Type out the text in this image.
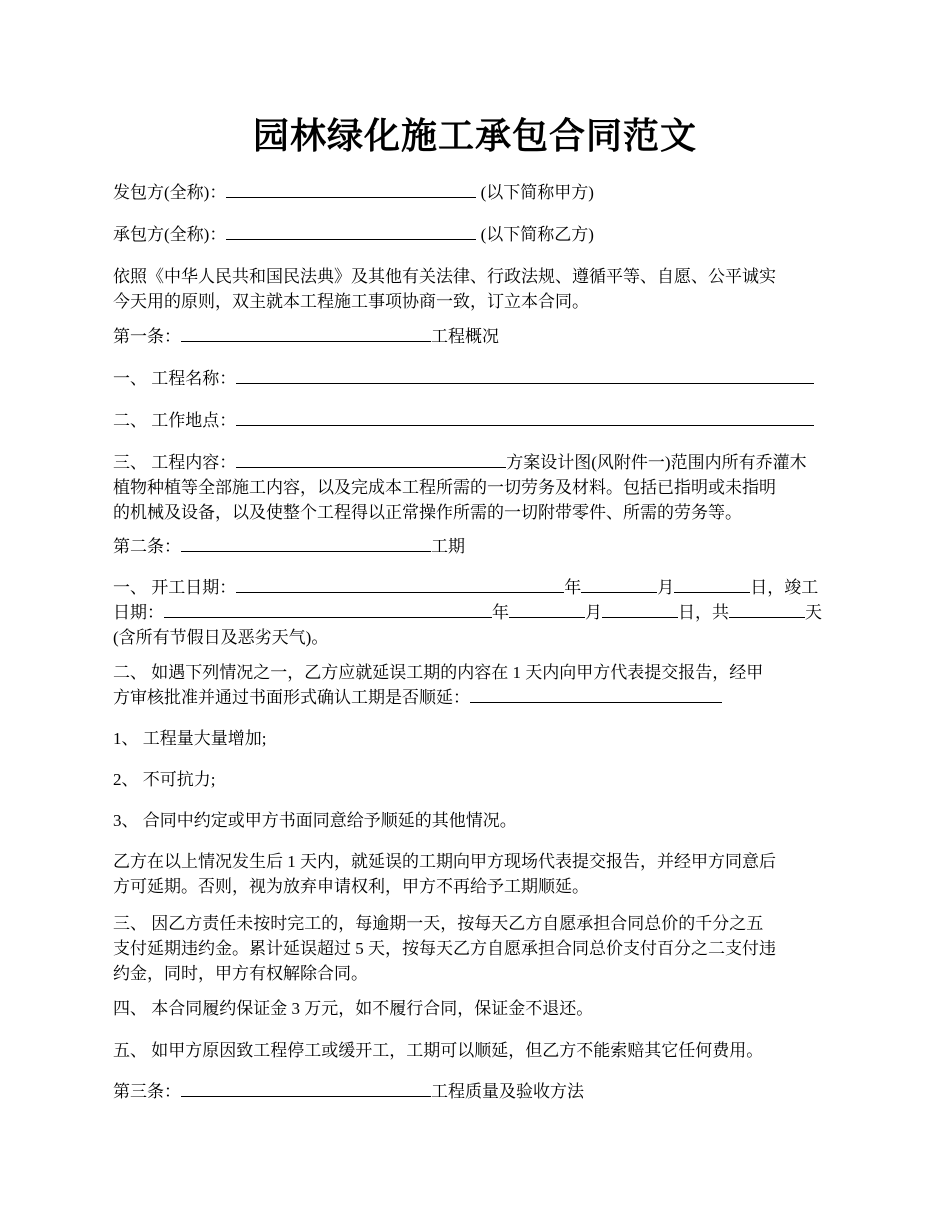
园林绿化施工承包合同范文

发包方(全称)：	(以下简称甲方)

承包方(全称)：	(以下简称乙方)

依照《中华人民共和国民法典》及其他有关法律、行政法规、遵循平等、自愿、公平诚实
今天用的原则，双主就本工程施工事项协商一致，订立本合同。

第一条：	工程概况

一、 工程名称：

二、 工作地点：

三、 工程内容：	方案设计图(风附件一)范围内所有乔灌木
植物种植等全部施工内容，以及完成本工程所需的一切劳务及材料。包括已指明或未指明
的机械及设备，以及使整个工程得以正常操作所需的一切附带零件、所需的劳务等。

第二条：	工期

一、 开工日期：	年	月	日，竣工
日期：	年	月	日，共	天
(含所有节假日及恶劣天气)。

二、 如遇下列情况之一，乙方应就延误工期的内容在 1 天内向甲方代表提交报告，经甲
方审核批准并通过书面形式确认工期是否顺延：

1、 工程量大量增加;

2、 不可抗力;

3、 合同中约定或甲方书面同意给予顺延的其他情况。

乙方在以上情况发生后 1 天内，就延误的工期向甲方现场代表提交报告，并经甲方同意后
方可延期。否则，视为放弃申请权利，甲方不再给予工期顺延。

三、 因乙方责任未按时完工的，每逾期一天，按每天乙方自愿承担合同总价的千分之五
支付延期违约金。累计延误超过 5 天，按每天乙方自愿承担合同总价支付百分之二支付违
约金，同时，甲方有权解除合同。

四、 本合同履约保证金 3 万元，如不履行合同，保证金不退还。

五、 如甲方原因致工程停工或缓开工，工期可以顺延，但乙方不能索赔其它任何费用。

第三条：	工程质量及验收方法
